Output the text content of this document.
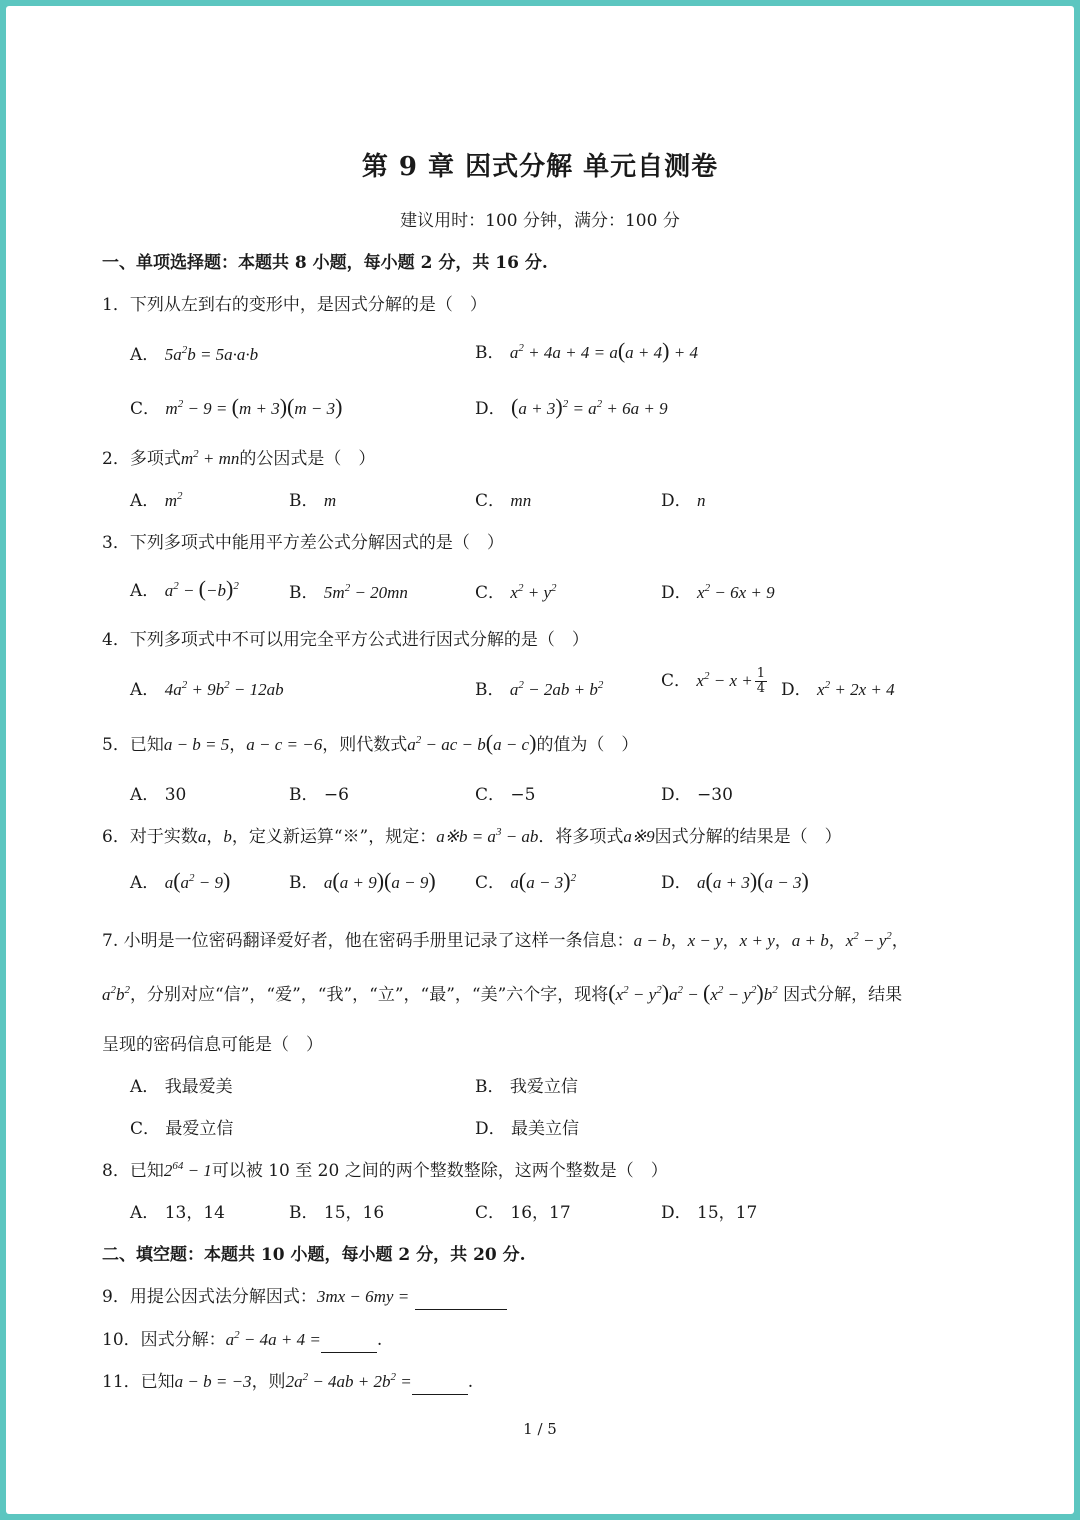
第 9 章 因式分解 单元自测卷
建议用时：100 分钟，满分：100 分
一、单项选择题：本题共 8 小题，每小题 2 分，共 16 分.
1．下列从左到右的变形中，是因式分解的是（　）
A． $5a^2b = 5a\cdot a\cdot b$	B． $a^2 + 4a + 4 = a(a + 4) + 4$
C． $m^2 - 9 = (m + 3)(m - 3)$	D． $(a + 3)^2 = a^2 + 6a + 9$
2．多项式$m^2$ + mn的公因式是（　）
A． $m^2$	B． m	C． mn	D． n
3．下列多项式中能用平方差公式分解因式的是（　）
A． $a^2 - (-b)^2$	B． $5m^2 - 20mn$	C． $x^2 + y^2$	D． $x^2 - 6x + 9$
4．下列多项式中不可以用完全平方公式进行因式分解的是（　）
A． $4a^2 + 9b^2 - 12ab$	B． $a^2 - 2ab + b^2$	C． $x^2 - x + \frac{1}{4}$ D． $x^2 + 2x + 4$
5．已知a − b = 5，a − c = −6，则代数式$a^2$ − ac − b(a − c)的值为（　）
A． 30	B． −6	C． −5	D． −30
6．对于实数a，b，定义新运算“※”，规定：a※b = $a^3$ − ab．将多项式a※9因式分解的结果是（　）
A． $a(a^2 - 9)$	B． a(a + 9)(a − 9) C． $a(a - 3)^2$	D． a(a + 3)(a − 3)
7. 小明是一位密码翻译爱好者，他在密码手册里记录了这样一条信息：a − b，x − y，x + y，a + b，$x^2 - y^2$，
$a^2b^2$，分别对应“信”，“爱”，“我”，“立”，“最”，“美”六个字，现将$(x^2 - y^2)a^2 - (x^2 - y^2)b^2$ 因式分解，结果
呈现的密码信息可能是（　）
A． 我最爱美	B． 我爱立信
C． 最爱立信	D． 最美立信
8．已知$2^{64} - 1$可以被 10 至 20 之间的两个整数整除，这两个整数是（　）
A． 13，14	B． 15，16	C． 16，17	D． 15，17
二、填空题：本题共 10 小题，每小题 2 分，共 20 分.
9．用提公因式法分解因式：3mx − 6my =
10．因式分解：$a^2 - 4a + 4$ =	.
11．已知a − b = −3，则$2a^2 - 4ab + 2b^2$ =	.
1 / 5
